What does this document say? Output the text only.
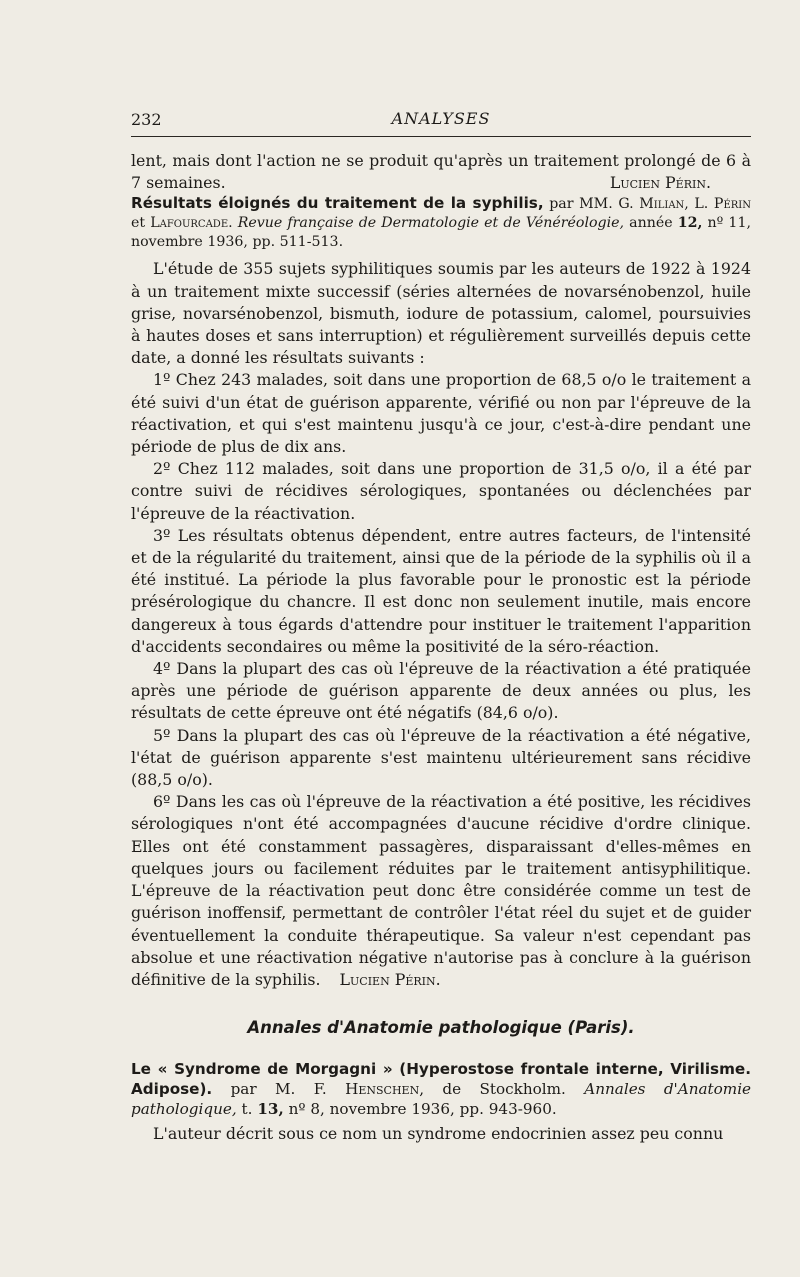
232	ANALYSES

lent, mais dont l'action ne se produit qu'après un traitement prolongé de 6 à 7 semaines.	Lucien Périn.

Résultats éloignés du traitement de la syphilis, par MM. G. Milian, L. Périn et Lafourcade. Revue française de Dermatologie et de Vénéréologie, année 12, nº 11, novembre 1936, pp. 511-513.

L'étude de 355 sujets syphilitiques soumis par les auteurs de 1922 à 1924 à un traitement mixte successif (séries alternées de novarsénobenzol, huile grise, novarsénobenzol, bismuth, iodure de potassium, calomel, poursuivies à hautes doses et sans interruption) et régulièrement surveillés depuis cette date, a donné les résultats suivants :

1º Chez 243 malades, soit dans une proportion de 68,5 o/o le traitement a été suivi d'un état de guérison apparente, vérifié ou non par l'épreuve de la réactivation, et qui s'est maintenu jusqu'à ce jour, c'est-à-dire pendant une période de plus de dix ans.

2º Chez 112 malades, soit dans une proportion de 31,5 o/o, il a été par contre suivi de récidives sérologiques, spontanées ou déclenchées par l'épreuve de la réactivation.

3º Les résultats obtenus dépendent, entre autres facteurs, de l'intensité et de la régularité du traitement, ainsi que de la période de la syphilis où il a été institué. La période la plus favorable pour le pronostic est la période présérologique du chancre. Il est donc non seulement inutile, mais encore dangereux à tous égards d'attendre pour instituer le traitement l'apparition d'accidents secondaires ou même la positivité de la séro-réaction.

4º Dans la plupart des cas où l'épreuve de la réactivation a été pratiquée après une période de guérison apparente de deux années ou plus, les résultats de cette épreuve ont été négatifs (84,6 o/o).

5º Dans la plupart des cas où l'épreuve de la réactivation a été négative, l'état de guérison apparente s'est maintenu ultérieurement sans récidive (88,5 o/o).

6º Dans les cas où l'épreuve de la réactivation a été positive, les récidives sérologiques n'ont été accompagnées d'aucune récidive d'ordre clinique. Elles ont été constamment passagères, disparaissant d'elles-mêmes en quelques jours ou facilement réduites par le traitement antisyphilitique. L'épreuve de la réactivation peut donc être considérée comme un test de guérison inoffensif, permettant de contrôler l'état réel du sujet et de guider éventuellement la conduite thérapeutique. Sa valeur n'est cependant pas absolue et une réactivation négative n'autorise pas à conclure à la guérison définitive de la syphilis. Lucien Périn.

Annales d'Anatomie pathologique (Paris).

Le « Syndrome de Morgagni » (Hyperostose frontale interne, Virilisme. Adipose). par M. F. Henschen, de Stockholm. Annales d'Anatomie pathologique, t. 13, nº 8, novembre 1936, pp. 943-960.

L'auteur décrit sous ce nom un syndrome endocrinien assez peu connu
